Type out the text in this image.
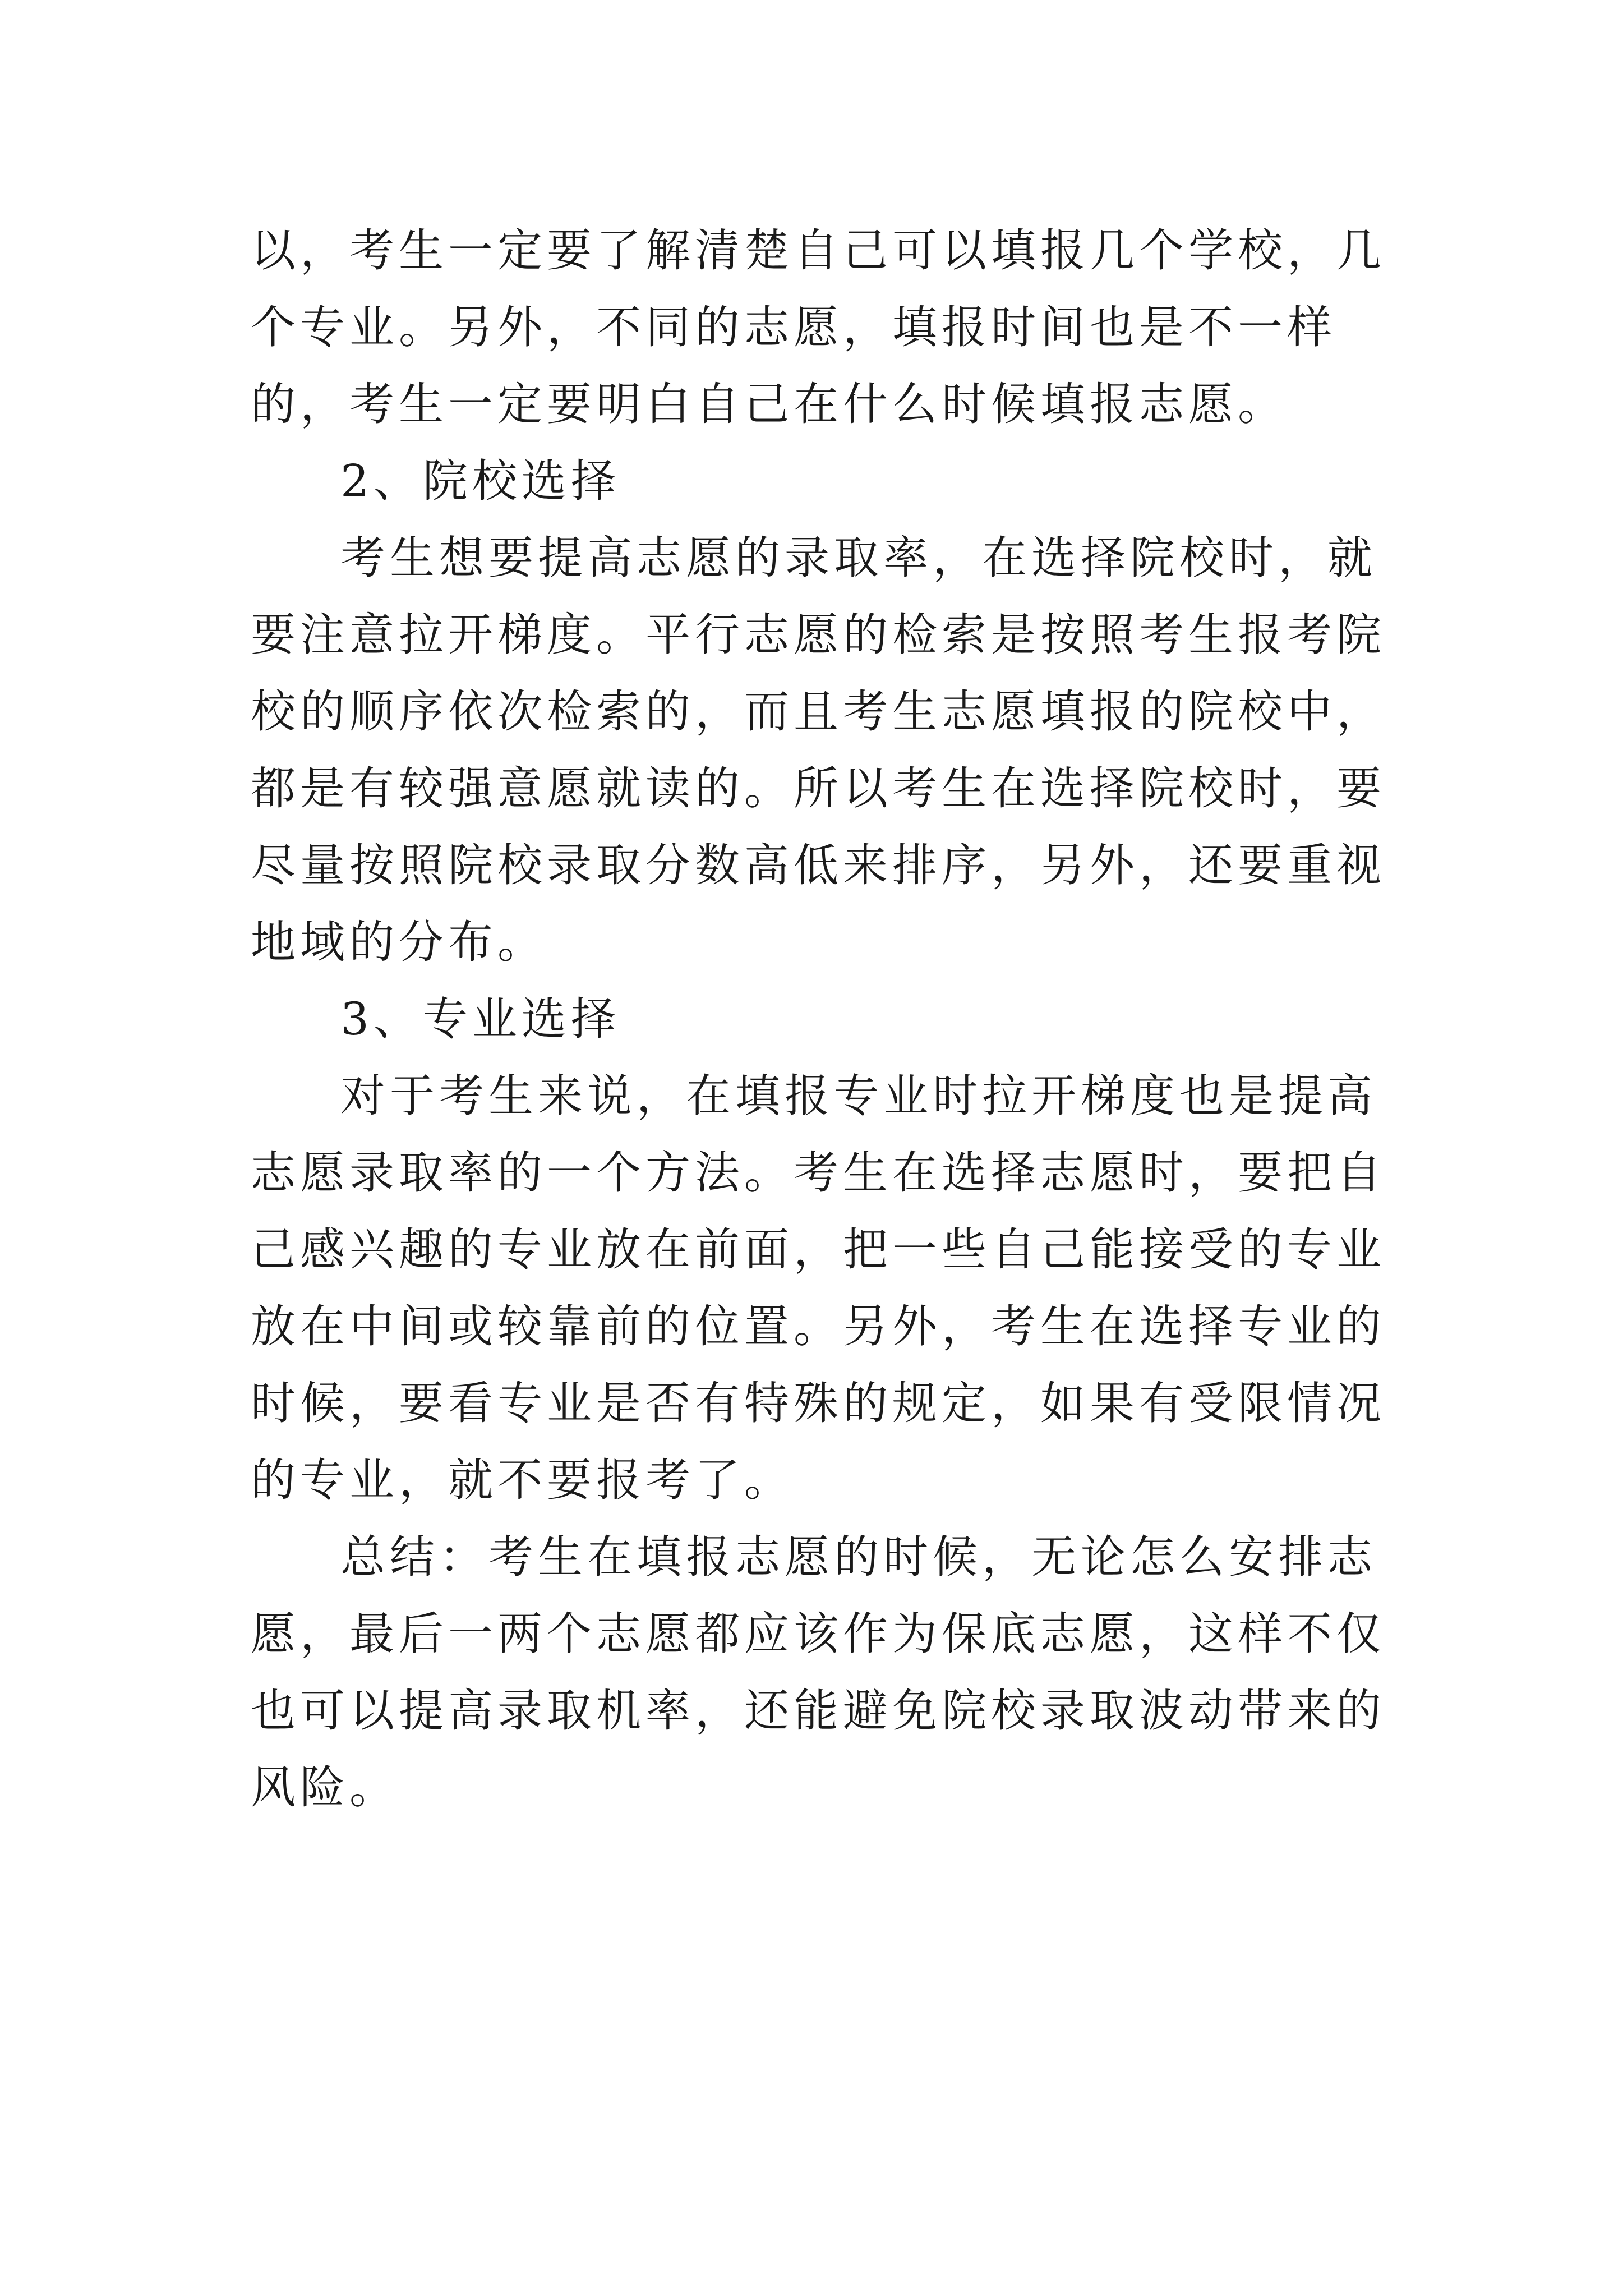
以，考生一定要了解清楚自己可以填报几个学校，几个专业。另外，不同的志愿，填报时间也是不一样的，考生一定要明白自己在什么时候填报志愿。

2、院校选择

考生想要提高志愿的录取率，在选择院校时，就要注意拉开梯度。平行志愿的检索是按照考生报考院校的顺序依次检索的，而且考生志愿填报的院校中，都是有较强意愿就读的。所以考生在选择院校时，要尽量按照院校录取分数高低来排序，另外，还要重视地域的分布。

3、专业选择

对于考生来说，在填报专业时拉开梯度也是提高志愿录取率的一个方法。考生在选择志愿时，要把自己感兴趣的专业放在前面，把一些自己能接受的专业放在中间或较靠前的位置。另外，考生在选择专业的时候，要看专业是否有特殊的规定，如果有受限情况的专业，就不要报考了。

总结：考生在填报志愿的时候，无论怎么安排志愿，最后一两个志愿都应该作为保底志愿，这样不仅也可以提高录取机率，还能避免院校录取波动带来的风险。
